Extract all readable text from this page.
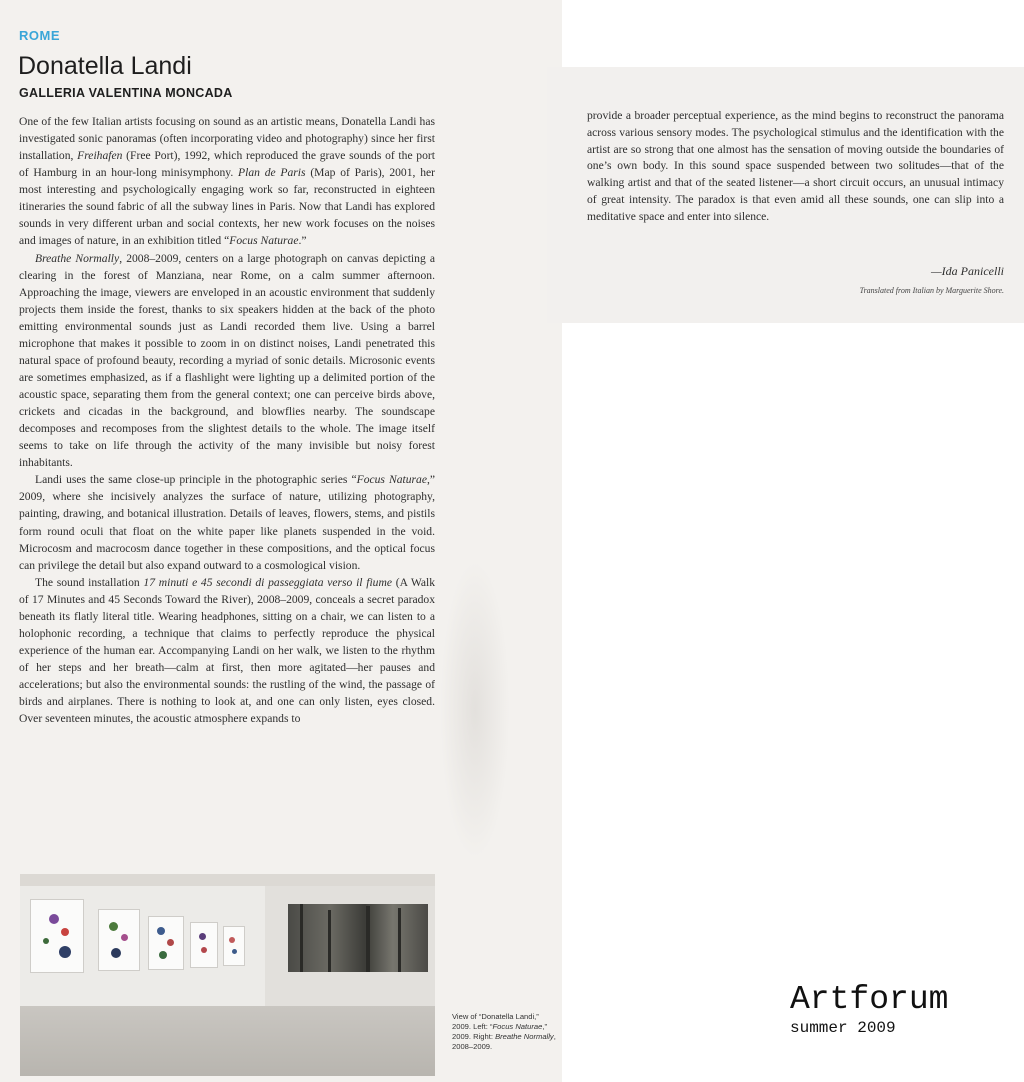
ROME
Donatella Landi
GALLERIA VALENTINA MONCADA

One of the few Italian artists focusing on sound as an artistic means, Donatella Landi has investigated sonic panoramas (often incorporating video and photography) since her first installation, Freihafen (Free Port), 1992, which reproduced the grave sounds of the port of Hamburg in an hour-long minisymphony. Plan de Paris (Map of Paris), 2001, her most interesting and psychologically engaging work so far, reconstructed in eighteen itineraries the sound fabric of all the subway lines in Paris. Now that Landi has explored sounds in very different urban and social contexts, her new work focuses on the noises and images of nature, in an exhibition titled “Focus Naturae.”

Breathe Normally, 2008–2009, centers on a large photograph on canvas depicting a clearing in the forest of Manziana, near Rome, on a calm summer afternoon. Approaching the image, viewers are enveloped in an acoustic environment that suddenly projects them inside the forest, thanks to six speakers hidden at the back of the photo emitting environmental sounds just as Landi recorded them live. Using a barrel microphone that makes it possible to zoom in on distinct noises, Landi penetrated this natural space of profound beauty, recording a myriad of sonic details. Microsonic events are sometimes emphasized, as if a flashlight were lighting up a delimited portion of the acoustic space, separating them from the general context; one can perceive birds above, crickets and cicadas in the background, and blowflies nearby. The soundscape decomposes and recomposes from the slightest details to the whole. The image itself seems to take on life through the activity of the many invisible but noisy forest inhabitants.

Landi uses the same close-up principle in the photographic series “Focus Naturae,” 2009, where she incisively analyzes the surface of nature, utilizing photography, painting, drawing, and botanical illustration. Details of leaves, flowers, stems, and pistils form round oculi that float on the white paper like planets suspended in the void. Microcosm and macrocosm dance together in these compositions, and the optical focus can privilege the detail but also expand outward to a cosmological vision.

The sound installation 17 minuti e 45 secondi di passeggiata verso il fiume (A Walk of 17 Minutes and 45 Seconds Toward the River), 2008–2009, conceals a secret paradox beneath its flatly literal title. Wearing headphones, sitting on a chair, we can listen to a holophonic recording, a technique that claims to perfectly reproduce the physical experience of the human ear. Accompanying Landi on her walk, we listen to the rhythm of her steps and her breath—calm at first, then more agitated—her pauses and accelerations; but also the environmental sounds: the rustling of the wind, the passage of birds and airplanes. There is nothing to look at, and one can only listen, eyes closed. Over seventeen minutes, the acoustic atmosphere expands to

View of “Donatella Landi,” 2009. Left: “Focus Naturae,” 2009. Right: Breathe Normally, 2008–2009.
provide a broader perceptual experience, as the mind begins to reconstruct the panorama across various sensory modes. The psychological stimulus and the identification with the artist are so strong that one almost has the sensation of moving outside the boundaries of one’s own body. In this sound space suspended between two solitudes—that of the walking artist and that of the seated listener—a short circuit occurs, an unusual intimacy of great intensity. The paradox is that even amid all these sounds, one can slip into a meditative space and enter into silence.
—Ida Panicelli
Translated from Italian by Marguerite Shore.
Artforum
summer 2009
